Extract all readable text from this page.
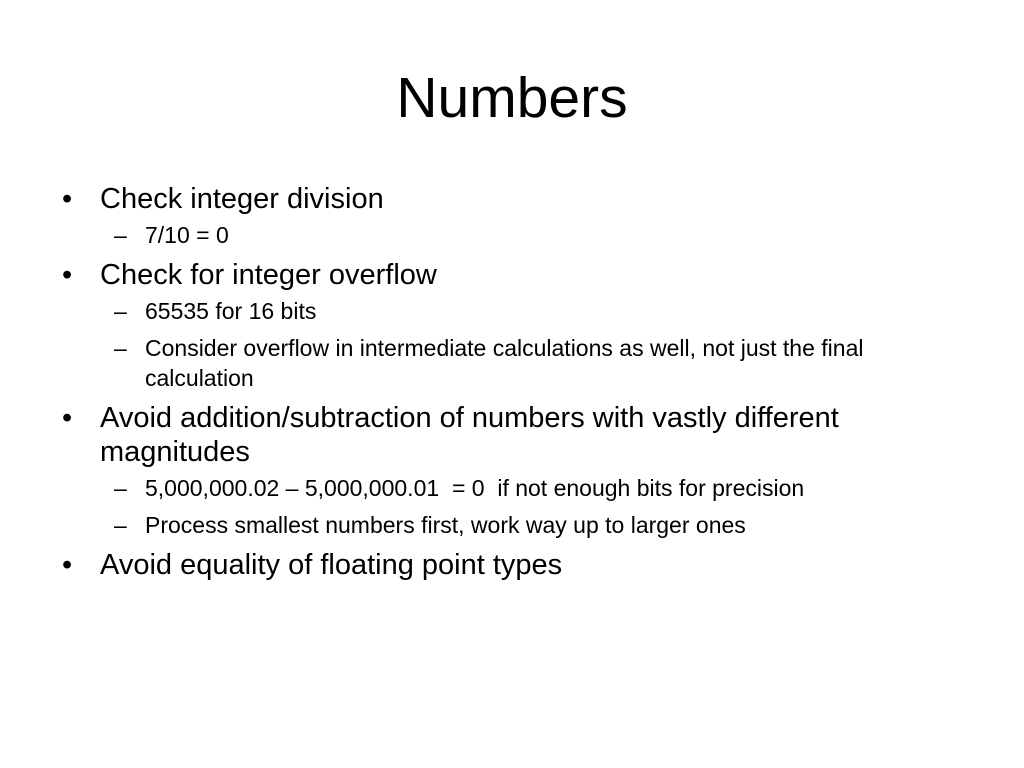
Numbers
• Check integer division
– 7/10 = 0
• Check for integer overflow
– 65535 for 16 bits
– Consider overflow in intermediate calculations as well, not just the final calculation
• Avoid addition/subtraction of numbers with vastly different magnitudes
– 5,000,000.02 – 5,000,000.01  = 0  if not enough bits for precision
– Process smallest numbers first, work way up to larger ones
• Avoid equality of floating point types
